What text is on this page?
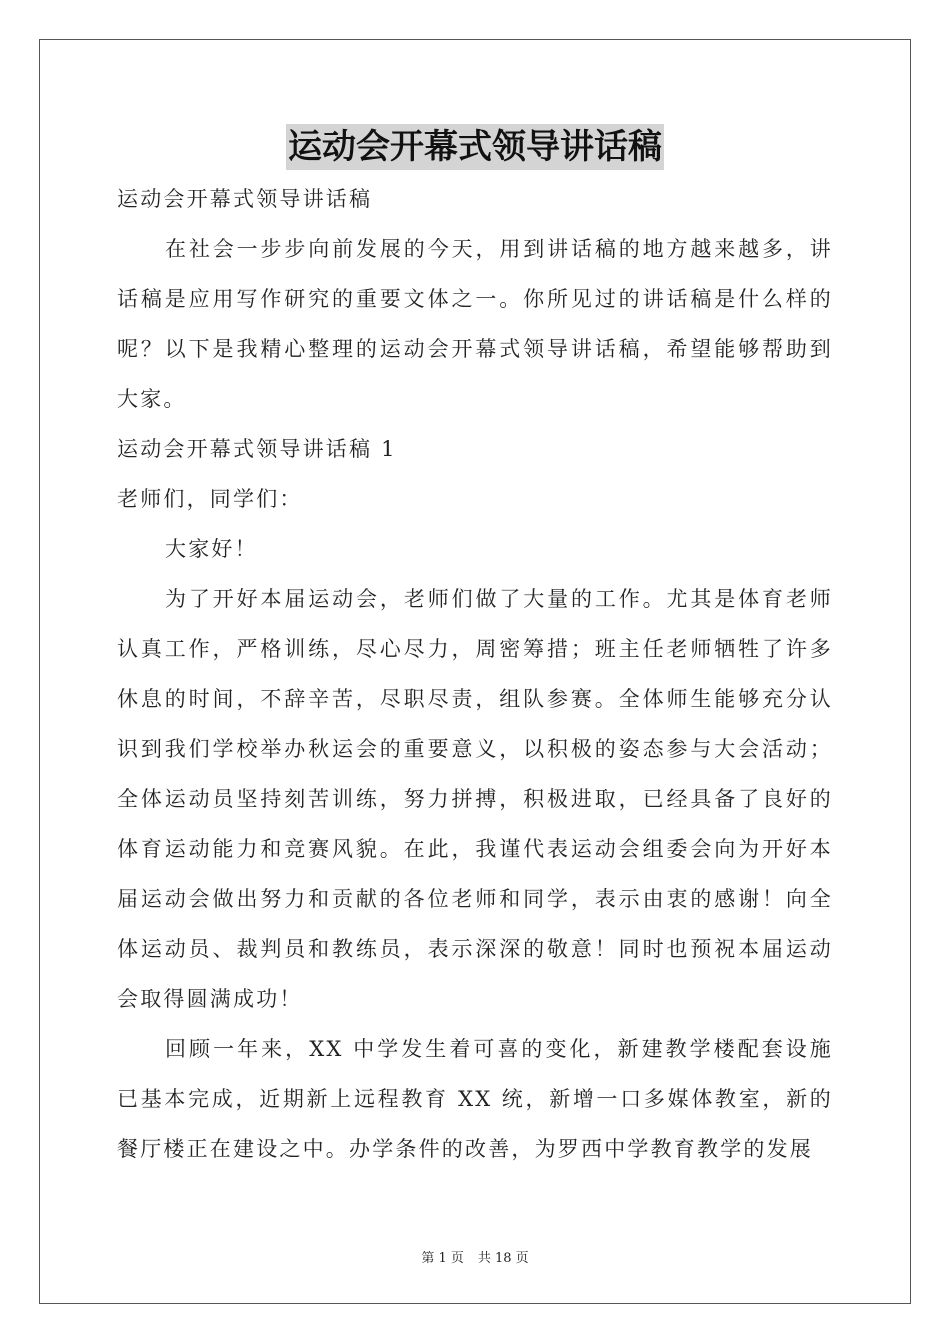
运动会开幕式领导讲话稿

运动会开幕式领导讲话稿

在社会一步步向前发展的今天，用到讲话稿的地方越来越多，讲话稿是应用写作研究的重要文体之一。你所见过的讲话稿是什么样的呢？以下是我精心整理的运动会开幕式领导讲话稿，希望能够帮助到大家。

运动会开幕式领导讲话稿 1

老师们，同学们：

大家好！

为了开好本届运动会，老师们做了大量的工作。尤其是体育老师认真工作，严格训练，尽心尽力，周密筹措；班主任老师牺牲了许多休息的时间，不辞辛苦，尽职尽责，组队参赛。全体师生能够充分认识到我们学校举办秋运会的重要意义，以积极的姿态参与大会活动；全体运动员坚持刻苦训练，努力拼搏，积极进取，已经具备了良好的体育运动能力和竞赛风貌。在此，我谨代表运动会组委会向为开好本届运动会做出努力和贡献的各位老师和同学，表示由衷的感谢！向全体运动员、裁判员和教练员，表示深深的敬意！同时也预祝本届运动会取得圆满成功！

回顾一年来，XX 中学发生着可喜的变化，新建教学楼配套设施已基本完成，近期新上远程教育 XX 统，新增一口多媒体教室，新的餐厅楼正在建设之中。办学条件的改善，为罗西中学教育教学的发展

第 1 页 共 18 页
